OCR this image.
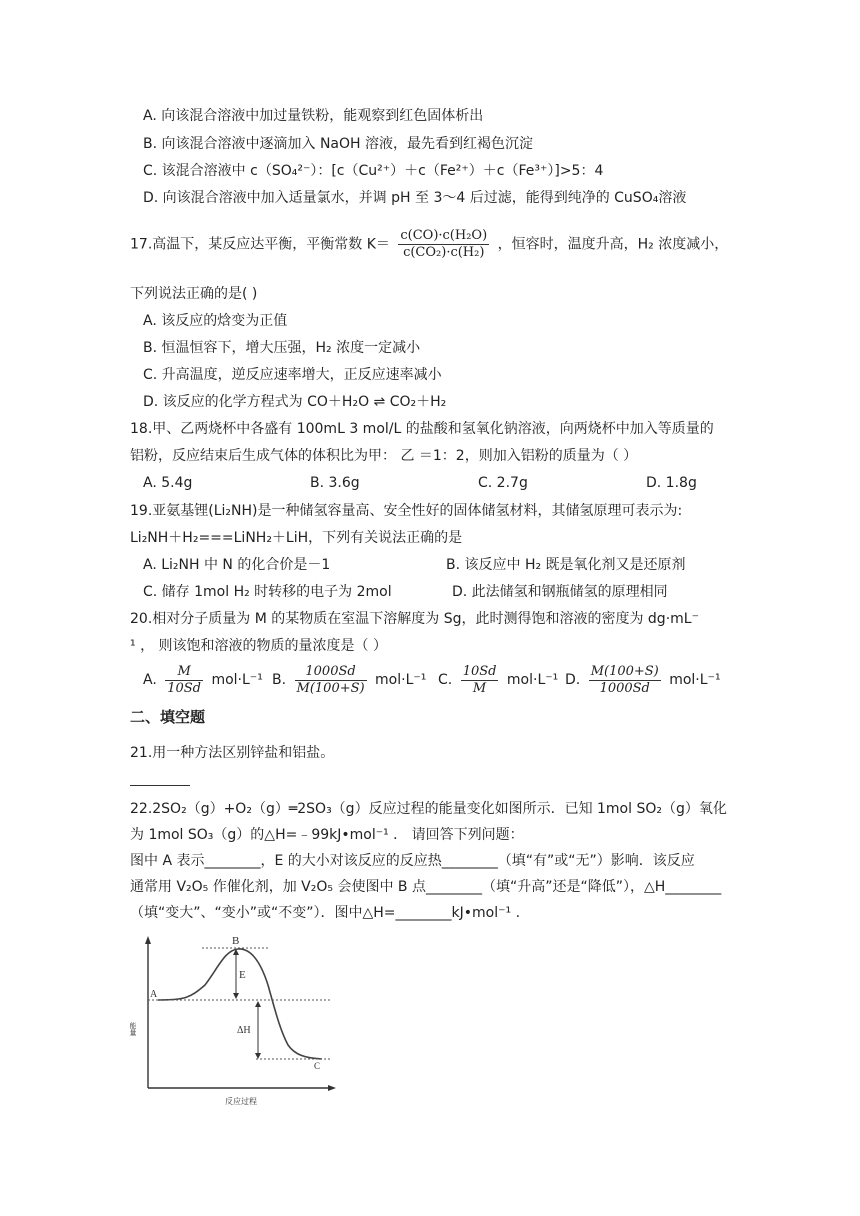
A. 向该混合溶液中加过量铁粉，能观察到红色固体析出
B. 向该混合溶液中逐滴加入 NaOH 溶液，最先看到红褐色沉淀
C. 该混合溶液中 c（SO₄²⁻）：[c（Cu²⁺）＋c（Fe²⁺）＋c（Fe³⁺）]>5：4
D. 向该混合溶液中加入适量氯水，并调 pH 至 3～4 后过滤，能得到纯净的 CuSO₄溶液
17.高温下，某反应达平衡，平衡常数 $K= \frac{\text{c(CO)·c(H₂O)}}{\text{c(CO₂)·c(H₂)}}$ ，恒容时，温度升高，H₂ 浓度减小，
下列说法正确的是( )
A. 该反应的焓变为正值
B. 恒温恒容下，增大压强，H₂ 浓度一定减小
C. 升高温度，逆反应速率增大，正反应速率减小
D. 该反应的化学方程式为 CO＋H₂O ⇌ CO₂＋H₂
18.甲、乙两烧杯中各盛有 100mL 3 mol/L 的盐酸和氢氧化钠溶液，向两烧杯中加入等质量的
铝粉，反应结束后生成气体的体积比为甲： 乙 ＝1：2，则加入铝粉的质量为（ ）
A. 5.4g	B. 3.6g	C. 2.7g	D. 1.8g
19.亚氨基锂(Li₂NH)是一种储氢容量高、安全性好的固体储氢材料，其储氢原理可表示为:
Li₂NH＋H₂===LiNH₂＋LiH，下列有关说法正确的是
A. Li₂NH 中 N 的化合价是－1	B. 该反应中 H₂ 既是氧化剂又是还原剂
C. 储存 1mol H₂ 时转移的电子为 2mol	D. 此法储氢和钢瓶储氢的原理相同
20.相对分子质量为 M 的某物质在室温下溶解度为 Sg，此时测得饱和溶液的密度为 dg·mL⁻
¹ ， 则该饱和溶液的物质的量浓度是（ ）
A. $\frac{M}{10Sd} mol\cdot L^{-1}$ B. $\frac{1000Sd}{M(100+S)} mol\cdot L^{-1}$ C. $\frac{10Sd}{M} mol\cdot L^{-1}$ D. $\frac{M(100+S)}{1000Sd} mol\cdot L^{-1}$
二、填空题
21.用一种方法区别锌盐和铝盐。
22.2SO₂（g）+O₂（g）═2SO₃（g）反应过程的能量变化如图所示．已知 1mol SO₂（g）氧化
为 1mol SO₃（g）的△H=﹣99kJ•mol⁻¹ ． 请回答下列问题：
图中 A 表示________，E 的大小对该反应的反应热________（填“有”或“无”）影响．该反应
通常用 V₂O₅ 作催化剂，加 V₂O₅ 会使图中 B 点________（填“升高”还是“降低”），△H________
（填“变大”、“变小”或“不变”）．图中△H=________kJ•mol⁻¹ .
A
B
C
E
ΔH
能量
反应过程
